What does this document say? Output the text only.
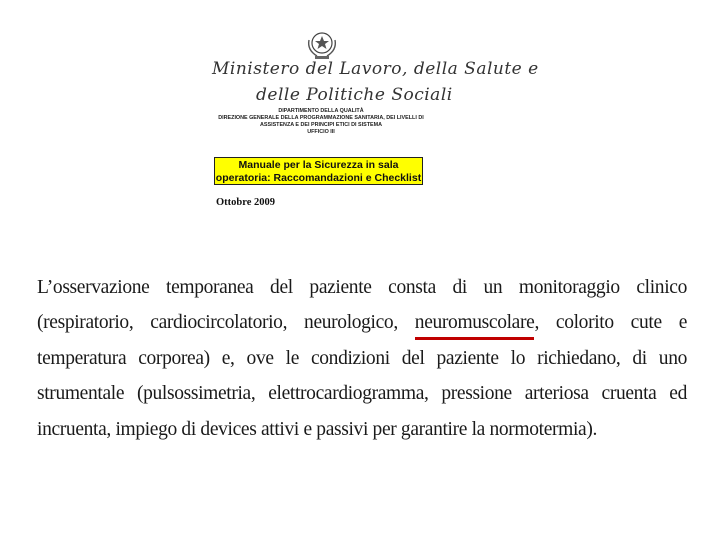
Ministero del Lavoro, della Salute e
delle Politiche Sociali
DIPARTIMENTO DELLA QUALITÀ
DIREZIONE GENERALE DELLA PROGRAMMAZIONE SANITARIA, DEI LIVELLI DI
ASSISTENZA E DEI PRINCIPI ETICI DI SISTEMA
UFFICIO III
Manuale per la Sicurezza in sala
operatoria: Raccomandazioni e Checklist
Ottobre 2009

L’osservazione temporanea del paziente consta di un monitoraggio clinico (respiratorio, cardiocircolatorio, neurologico, neuromuscolare, colorito cute e temperatura corporea) e, ove le condizioni del paziente lo richiedano, di uno strumentale (pulsossimetria, elettrocardiogramma, pressione arteriosa cruenta ed incruenta, impiego di devices attivi e passivi per garantire la normotermia).
